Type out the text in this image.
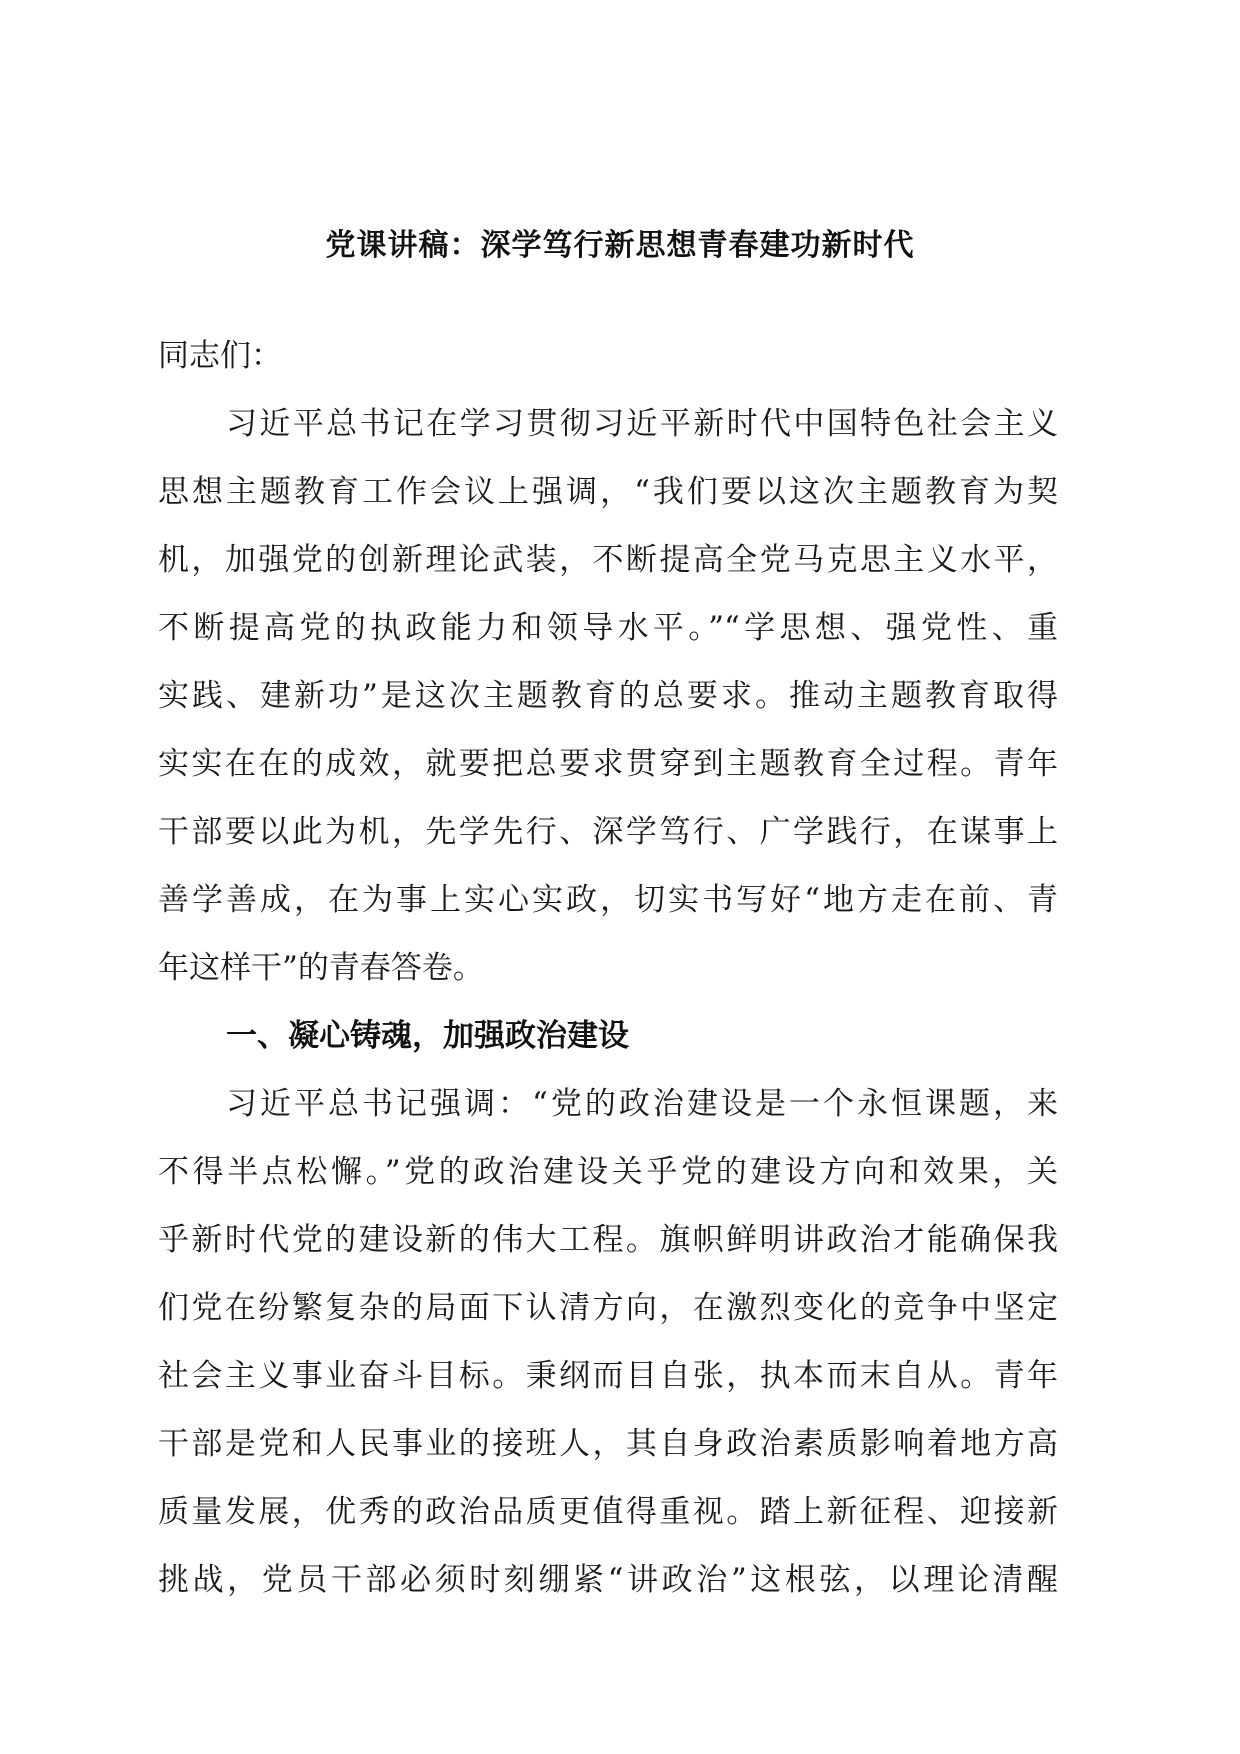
党课讲稿：深学笃行新思想青春建功新时代
同志们：
习近平总书记在学习贯彻习近平新时代中国特色社会主义
思想主题教育工作会议上强调，“我们要以这次主题教育为契
机，加强党的创新理论武装，不断提高全党马克思主义水平，
不断提高党的执政能力和领导水平。”“学思想、强党性、重
实践、建新功”是这次主题教育的总要求。推动主题教育取得
实实在在的成效，就要把总要求贯穿到主题教育全过程。青年
干部要以此为机，先学先行、深学笃行、广学践行，在谋事上
善学善成，在为事上实心实政，切实书写好“地方走在前、青
年这样干”的青春答卷。
一、凝心铸魂，加强政治建设
习近平总书记强调：“党的政治建设是一个永恒课题，来
不得半点松懈。”党的政治建设关乎党的建设方向和效果，关
乎新时代党的建设新的伟大工程。旗帜鲜明讲政治才能确保我
们党在纷繁复杂的局面下认清方向，在激烈变化的竞争中坚定
社会主义事业奋斗目标。秉纲而目自张，执本而末自从。青年
干部是党和人民事业的接班人，其自身政治素质影响着地方高
质量发展，优秀的政治品质更值得重视。踏上新征程、迎接新
挑战，党员干部必须时刻绷紧“讲政治”这根弦，以理论清醒
